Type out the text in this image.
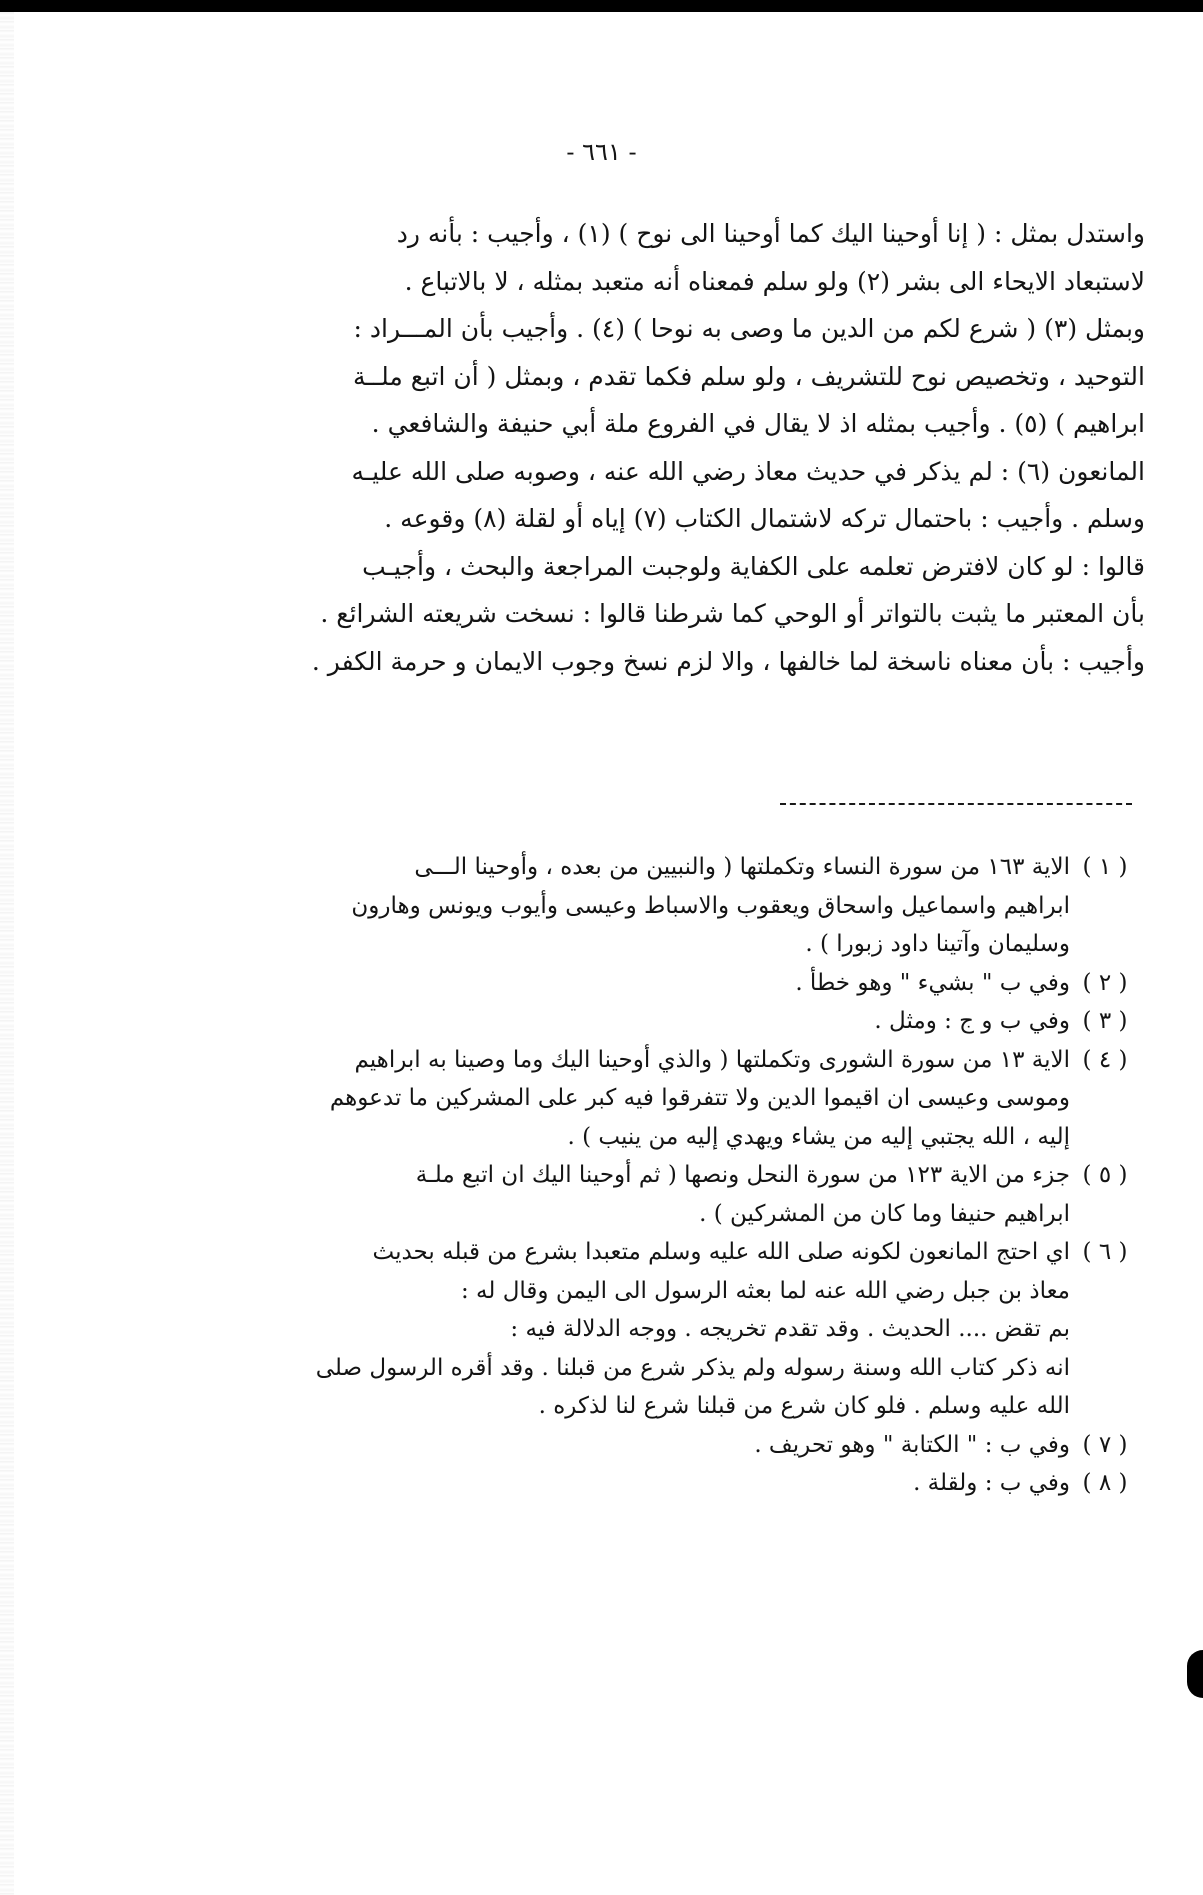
- ٦٦١ -
واستدل بمثل : ( إنا أوحينا اليك كما أوحينا الى نوح ) (١) ، وأجيب : بأنه رد
لاستبعاد الايحاء الى بشر (٢) ولو سلم فمعناه أنه متعبد بمثله ، لا بالاتباع .
وبمثل (٣) ( شرع لكم من الدين ما وصى به نوحا ) (٤) . وأجيب بأن المـــراد :
التوحيد ، وتخصيص نوح للتشريف ، ولو سلم فكما تقدم ، وبمثل ( أن اتبع ملــة
ابراهيم ) (٥) . وأجيب بمثله اذ لا يقال في الفروع ملة أبي حنيفة والشافعي .
المانعون (٦) : لم يذكر في حديث معاذ رضي الله عنه ، وصوبه صلى الله عليـه
وسلم . وأجيب : باحتمال تركه لاشتمال الكتاب (٧) إياه أو لقلة (٨) وقوعه .
قالوا : لو كان لافترض تعلمه على الكفاية ولوجبت المراجعة والبحث ، وأجيـب
بأن المعتبر ما يثبت بالتواتر أو الوحي كما شرطنا قالوا : نسخت شريعته الشرائع .
وأجيب : بأن معناه ناسخة لما خالفها ، والا لزم نسخ وجوب الايمان و حرمة الكفر .
( ١ )
الاية ١٦٣ من سورة النساء وتكملتها ( والنبيين من بعده ، وأوحينا الـــى
ابراهيم واسماعيل واسحاق ويعقوب والاسباط وعيسى وأيوب ويونس وهارون
وسليمان وآتينا داود زبورا ) .
( ٢ )
وفي ب " بشيء " وهو خطأ .
( ٣ )
وفي ب و ج : ومثل .
( ٤ )
الاية ١٣ من سورة الشورى وتكملتها ( والذي أوحينا اليك وما وصينا به ابراهيم
وموسى وعيسى ان اقيموا الدين ولا تتفرقوا فيه كبر على المشركين ما تدعوهم
إليه ، الله يجتبي إليه من يشاء ويهدي إليه من ينيب ) .
( ٥ )
جزء من الاية ١٢٣ من سورة النحل ونصها ( ثم أوحينا اليك ان اتبع ملـة
ابراهيم حنيفا وما كان من المشركين ) .
( ٦ )
اي احتج المانعون لكونه صلى الله عليه وسلم متعبدا بشرع من قبله بحديث
معاذ بن جبل رضي الله عنه لما بعثه الرسول الى اليمن وقال له :
بم تقض .... الحديث . وقد تقدم تخريجه . ووجه الدلالة فيه :
انه ذكر كتاب الله وسنة رسوله ولم يذكر شرع من قبلنا . وقد أقره الرسول صلى
الله عليه وسلم . فلو كان شرع من قبلنا شرع لنا لذكره .
( ٧ )
وفي ب : " الكتابة " وهو تحريف .
( ٨ )
وفي ب : ولقلة .
